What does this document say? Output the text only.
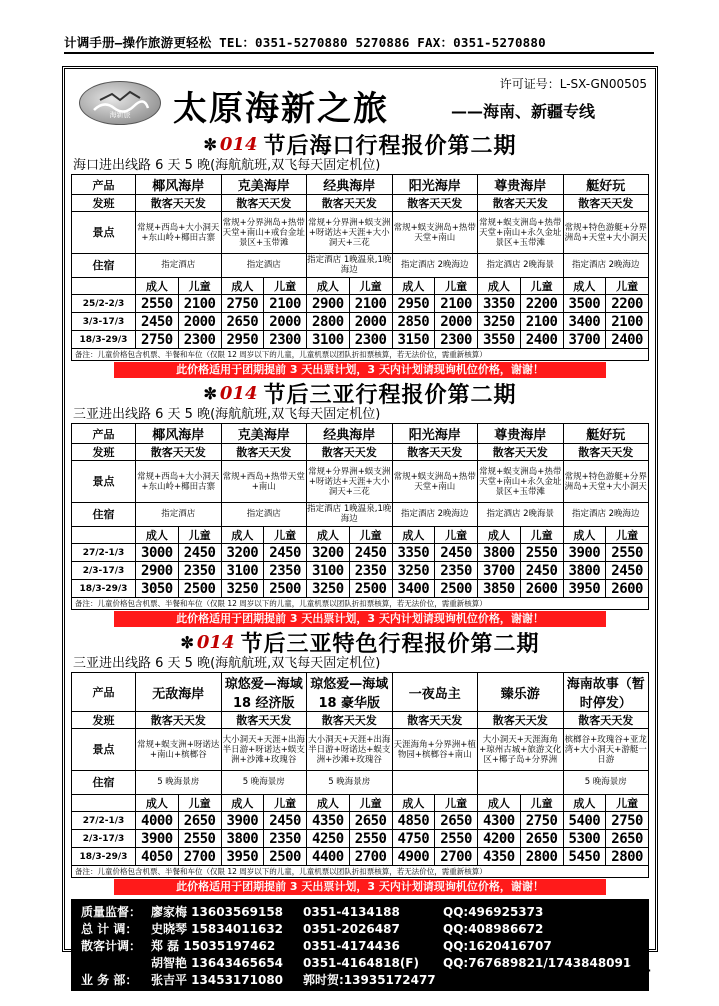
计调手册—操作旅游更轻松 TEL：0351-5270880 5270886 FAX：0351-5270880
海新旅 太原海新之旅	——海南、新疆专线
许可证号：L-SX-GN00505
✼ 014 节后海口行程报价第二期
海口进出线路 6 天 5 晚(海航航班,双飞每天固定机位)
产品	椰风海岸		克美海岸		经典海岸		阳光海岸		尊贵海岸		艇好玩	
发班	散客天天发		散客天天发		散客天天发		散客天天发		散客天天发		散客天天发	
景点	常规+西岛+大小洞天+东山岭+椰田古寨		常规+分界洲岛+热带天堂+南山+戒台金址景区+玉带滩		常规+分界洲+蜈支洲+呀诺达+天涯+大小洞天+三花		常规+蜈支洲岛+热带天堂+南山		常规+蜈支洲岛+热带天堂+南山+永久金址景区+玉带滩		常规+特色游艇+分界洲岛+天堂+大小洞天	
住宿	指定酒店		指定酒店		指定酒店 1晚温泉,1晚海边		指定酒店 2晚海边		指定酒店 2晚海景		指定酒店 2晚海边	
	成人	儿童	成人	儿童	成人	儿童	成人	儿童	成人	儿童	成人	儿童
25/2-2/3	2550	2100	2750	2100	2900	2100	2950	2100	3350	2200	3500	2200
3/3-17/3	2450	2000	2650	2000	2800	2000	2850	2000	3250	2100	3400	2100
18/3-29/3	2750	2300	2950	2300	3100	2300	3150	2300	3550	2400	3700	2400
备注：儿童价格包含机票、半餐和车位（仅限 12 周岁以下的儿童，儿童机票以团队折扣票核算，若无法价位，需重新核算）												
此价格适用于团期提前 3 天出票计划，3 天内计划请现询机位价格，谢谢！
✼ 014 节后三亚行程报价第二期
三亚进出线路 6 天 5 晚(海航航班,双飞每天固定机位)
产品	椰风海岸		克美海岸		经典海岸		阳光海岸		尊贵海岸		艇好玩	
发班	散客天天发		散客天天发		散客天天发		散客天天发		散客天天发		散客天天发	
景点	常规+西岛+大小洞天+东山岭+椰田古寨		常规+西岛+热带天堂+南山		常规+分界洲+蜈支洲+呀诺达+天涯+大小洞天+三花		常规+蜈支洲岛+热带天堂+南山		常规+蜈支洲岛+热带天堂+南山+永久金址景区+玉带滩		常规+特色游艇+分界洲岛+天堂+大小洞天	
住宿	指定酒店		指定酒店		指定酒店 1晚温泉,1晚海边		指定酒店 2晚海边		指定酒店 2晚海景		指定酒店 2晚海边	
	成人	儿童	成人	儿童	成人	儿童	成人	儿童	成人	儿童	成人	儿童
27/2-1/3	3000	2450	3200	2450	3200	2450	3350	2450	3800	2550	3900	2550
2/3-17/3	2900	2350	3100	2350	3100	2350	3250	2350	3700	2450	3800	2450
18/3-29/3	3050	2500	3250	2500	3250	2500	3400	2500	3850	2600	3950	2600
备注：儿童价格包含机票、半餐和车位（仅限 12 周岁以下的儿童，儿童机票以团队折扣票核算，若无法价位，需重新核算）												
此价格适用于团期提前 3 天出票计划，3 天内计划请现询机位价格，谢谢！
✼ 014 节后三亚特色行程报价第二期
三亚进出线路 6 天 5 晚(海航航班,双飞每天固定机位)
产品	无敌海岸		琼悠爱—海域 18 经济版		琼悠爱—海域 18 豪华版		一夜岛主		臻乐游		海南故事（暂时停发）	
发班	散客天天发		散客天天发		散客天天发		散客天天发		散客天天发		散客天天发	
景点	常规+蜈支洲+呀诺达+南山+槟榔谷		大小洞天+天涯+出海半日游+呀诺达+蜈支洲+沙滩+玫瑰谷		大小洞天+天涯+出海半日游+呀诺达+蜈支洲+沙滩+玫瑰谷		天涯海角+分界洲+植物园+槟榔谷+南山		大小洞天+天涯海角+琼州古城+旅游文化区+椰子岛+分界洲		槟榔谷+玫瑰谷+亚龙湾+大小洞天+游艇一日游	
住宿	5 晚海景房		5 晚海景房		5 晚海景房						5 晚海景房	
	成人	儿童	成人	儿童	成人	儿童	成人	儿童	成人	儿童	成人	儿童
27/2-1/3	4000	2650	3900	2450	4350	2650	4850	2650	4300	2750	5400	2750
2/3-17/3	3900	2550	3800	2350	4250	2550	4750	2550	4200	2650	5300	2650
18/3-29/3	4050	2700	3950	2500	4400	2700	4900	2700	4350	2800	5450	2800
备注：儿童价格包含机票、半餐和车位（仅限 12 周岁以下的儿童，儿童机票以团队折扣票核算，若无法价位，需重新核算）												
此价格适用于团期提前 3 天出票计划，3 天内计划请现询机位价格，谢谢！
质量监督： 廖家梅 13603569158	0351-4134188	QQ:496925373
总 计 调：	史晓琴 15834011632	0351-2026487	QQ:408986672
散客计调： 郑 磊 15035197462	0351-4174436	QQ:1620416707
胡智艳 13643465654	0351-4164818(F)	QQ:767689821/1743848091
业 务 部：	张吉平 13453171080	郭时贺:13935172477
· 29 ·
